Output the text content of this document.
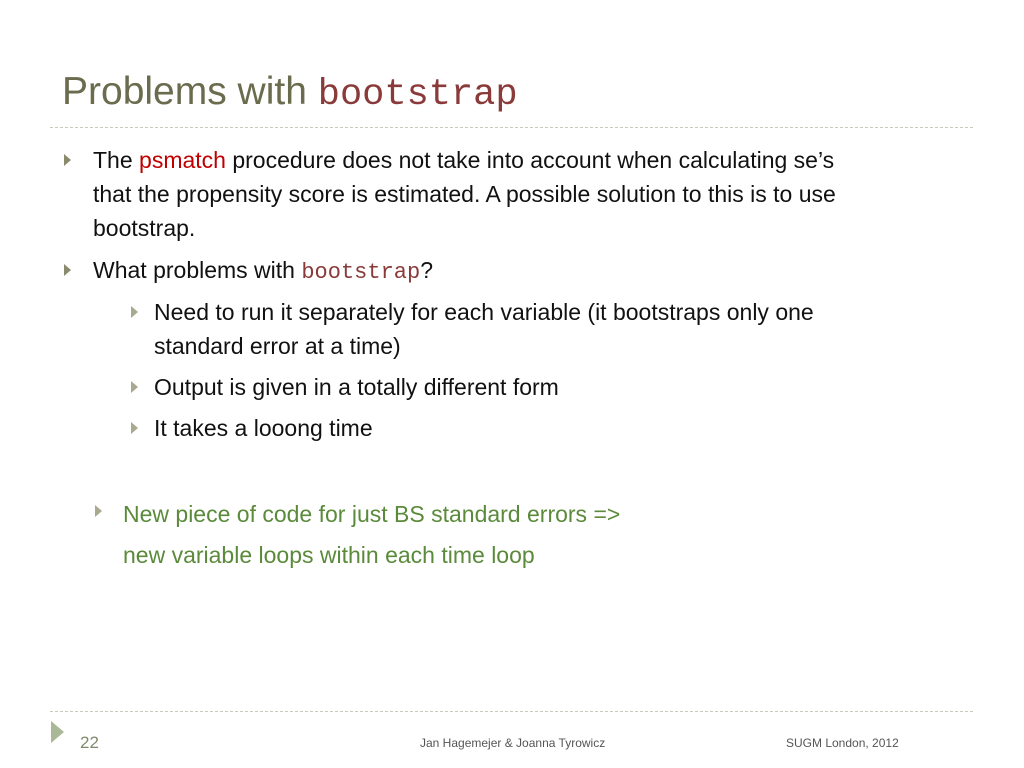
Problems with bootstrap
The psmatch procedure does not take into account when calculating se’s
that the propensity score is estimated. A possible solution to this is to use
bootstrap.
What problems with bootstrap?
Need to run it separately for each variable (it bootstraps only one
standard error at a time)
Output is given in a totally different form
It takes a looong time
New piece of code for just BS standard errors =>
new variable loops within each time loop
22	Jan Hagemejer & Joanna Tyrowicz	SUGM London, 2012
